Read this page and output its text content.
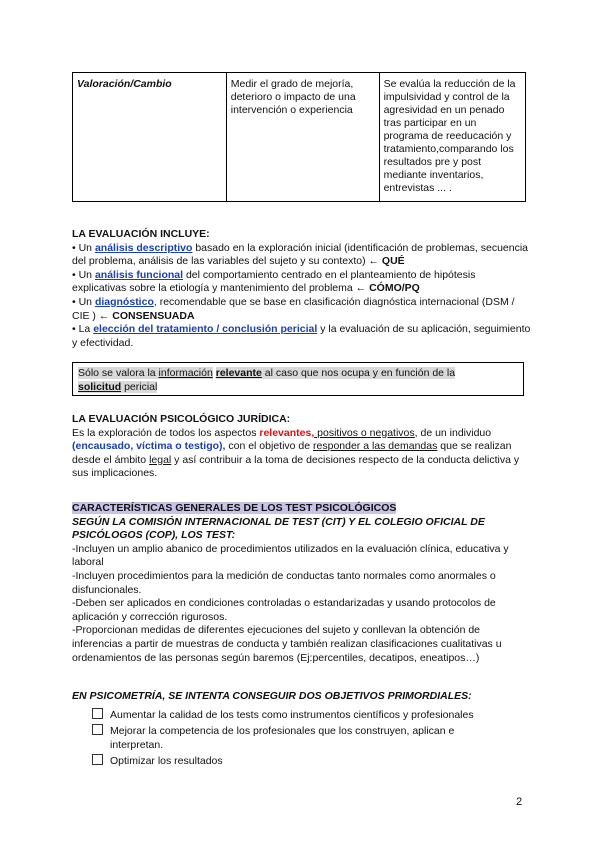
Valoración/Cambio	Medir el grado de mejoría, deterioro o impacto de una intervención o experiencia	Se evalúa la reducción de la impulsividad y control de la agresividad en un penado tras participar en un programa de reeducación y tratamiento,comparando los resultados pre y post mediante inventarios, entrevistas ... .
LA EVALUACIÓN INCLUYE:
• Un análisis descriptivo basado en la exploración inicial (identificación de problemas, secuencia del problema, análisis de las variables del sujeto y su contexto) ← QUÉ
• Un análisis funcional del comportamiento centrado en el planteamiento de hipótesis explicativas sobre la etiología y mantenimiento del problema ← CÓMO/PQ
• Un diagnóstico, recomendable que se base en clasificación diagnóstica internacional (DSM / CIE ) ← CONSENSUADA
• La elección del tratamiento / conclusión pericial y la evaluación de su aplicación, seguimiento y efectividad.
Sólo se valora la información relevante al caso que nos ocupa y en función de la
solicitud pericial
LA EVALUACIÓN PSICOLÓGICO JURÍDICA:
Es la exploración de todos los aspectos relevantes, positivos o negativos, de un individuo (encausado, víctima o testigo), con el objetivo de responder a las demandas que se realizan desde el ámbito legal y así contribuir a la toma de decisiones respecto de la conducta delictiva y sus implicaciones.
CARACTERÍSTICAS GENERALES DE LOS TEST PSICOLÓGICOS
SEGÚN LA COMISIÓN INTERNACIONAL DE TEST (CIT) Y EL COLEGIO OFICIAL DE PSICÓLOGOS (COP), LOS TEST:
-Incluyen un amplio abanico de procedimientos utilizados en la evaluación clínica, educativa y laboral
-Incluyen procedimientos para la medición de conductas tanto normales como anormales o disfuncionales.
-Deben ser aplicados en condiciones controladas o estandarizadas y usando protocolos de aplicación y corrección rigurosos.
-Proporcionan medidas de diferentes ejecuciones del sujeto y conllevan la obtención de inferencias a partir de muestras de conducta y también realizan clasificaciones cualitativas u ordenamientos de las personas según baremos (Ej:percentiles, decatipos, eneatipos…)
EN PSICOMETRÍA, SE INTENTA CONSEGUIR DOS OBJETIVOS PRIMORDIALES:
Aumentar la calidad de los tests como instrumentos científicos y profesionales
Mejorar la competencia de los profesionales que los construyen, aplican e interpretan.
Optimizar los resultados
2
